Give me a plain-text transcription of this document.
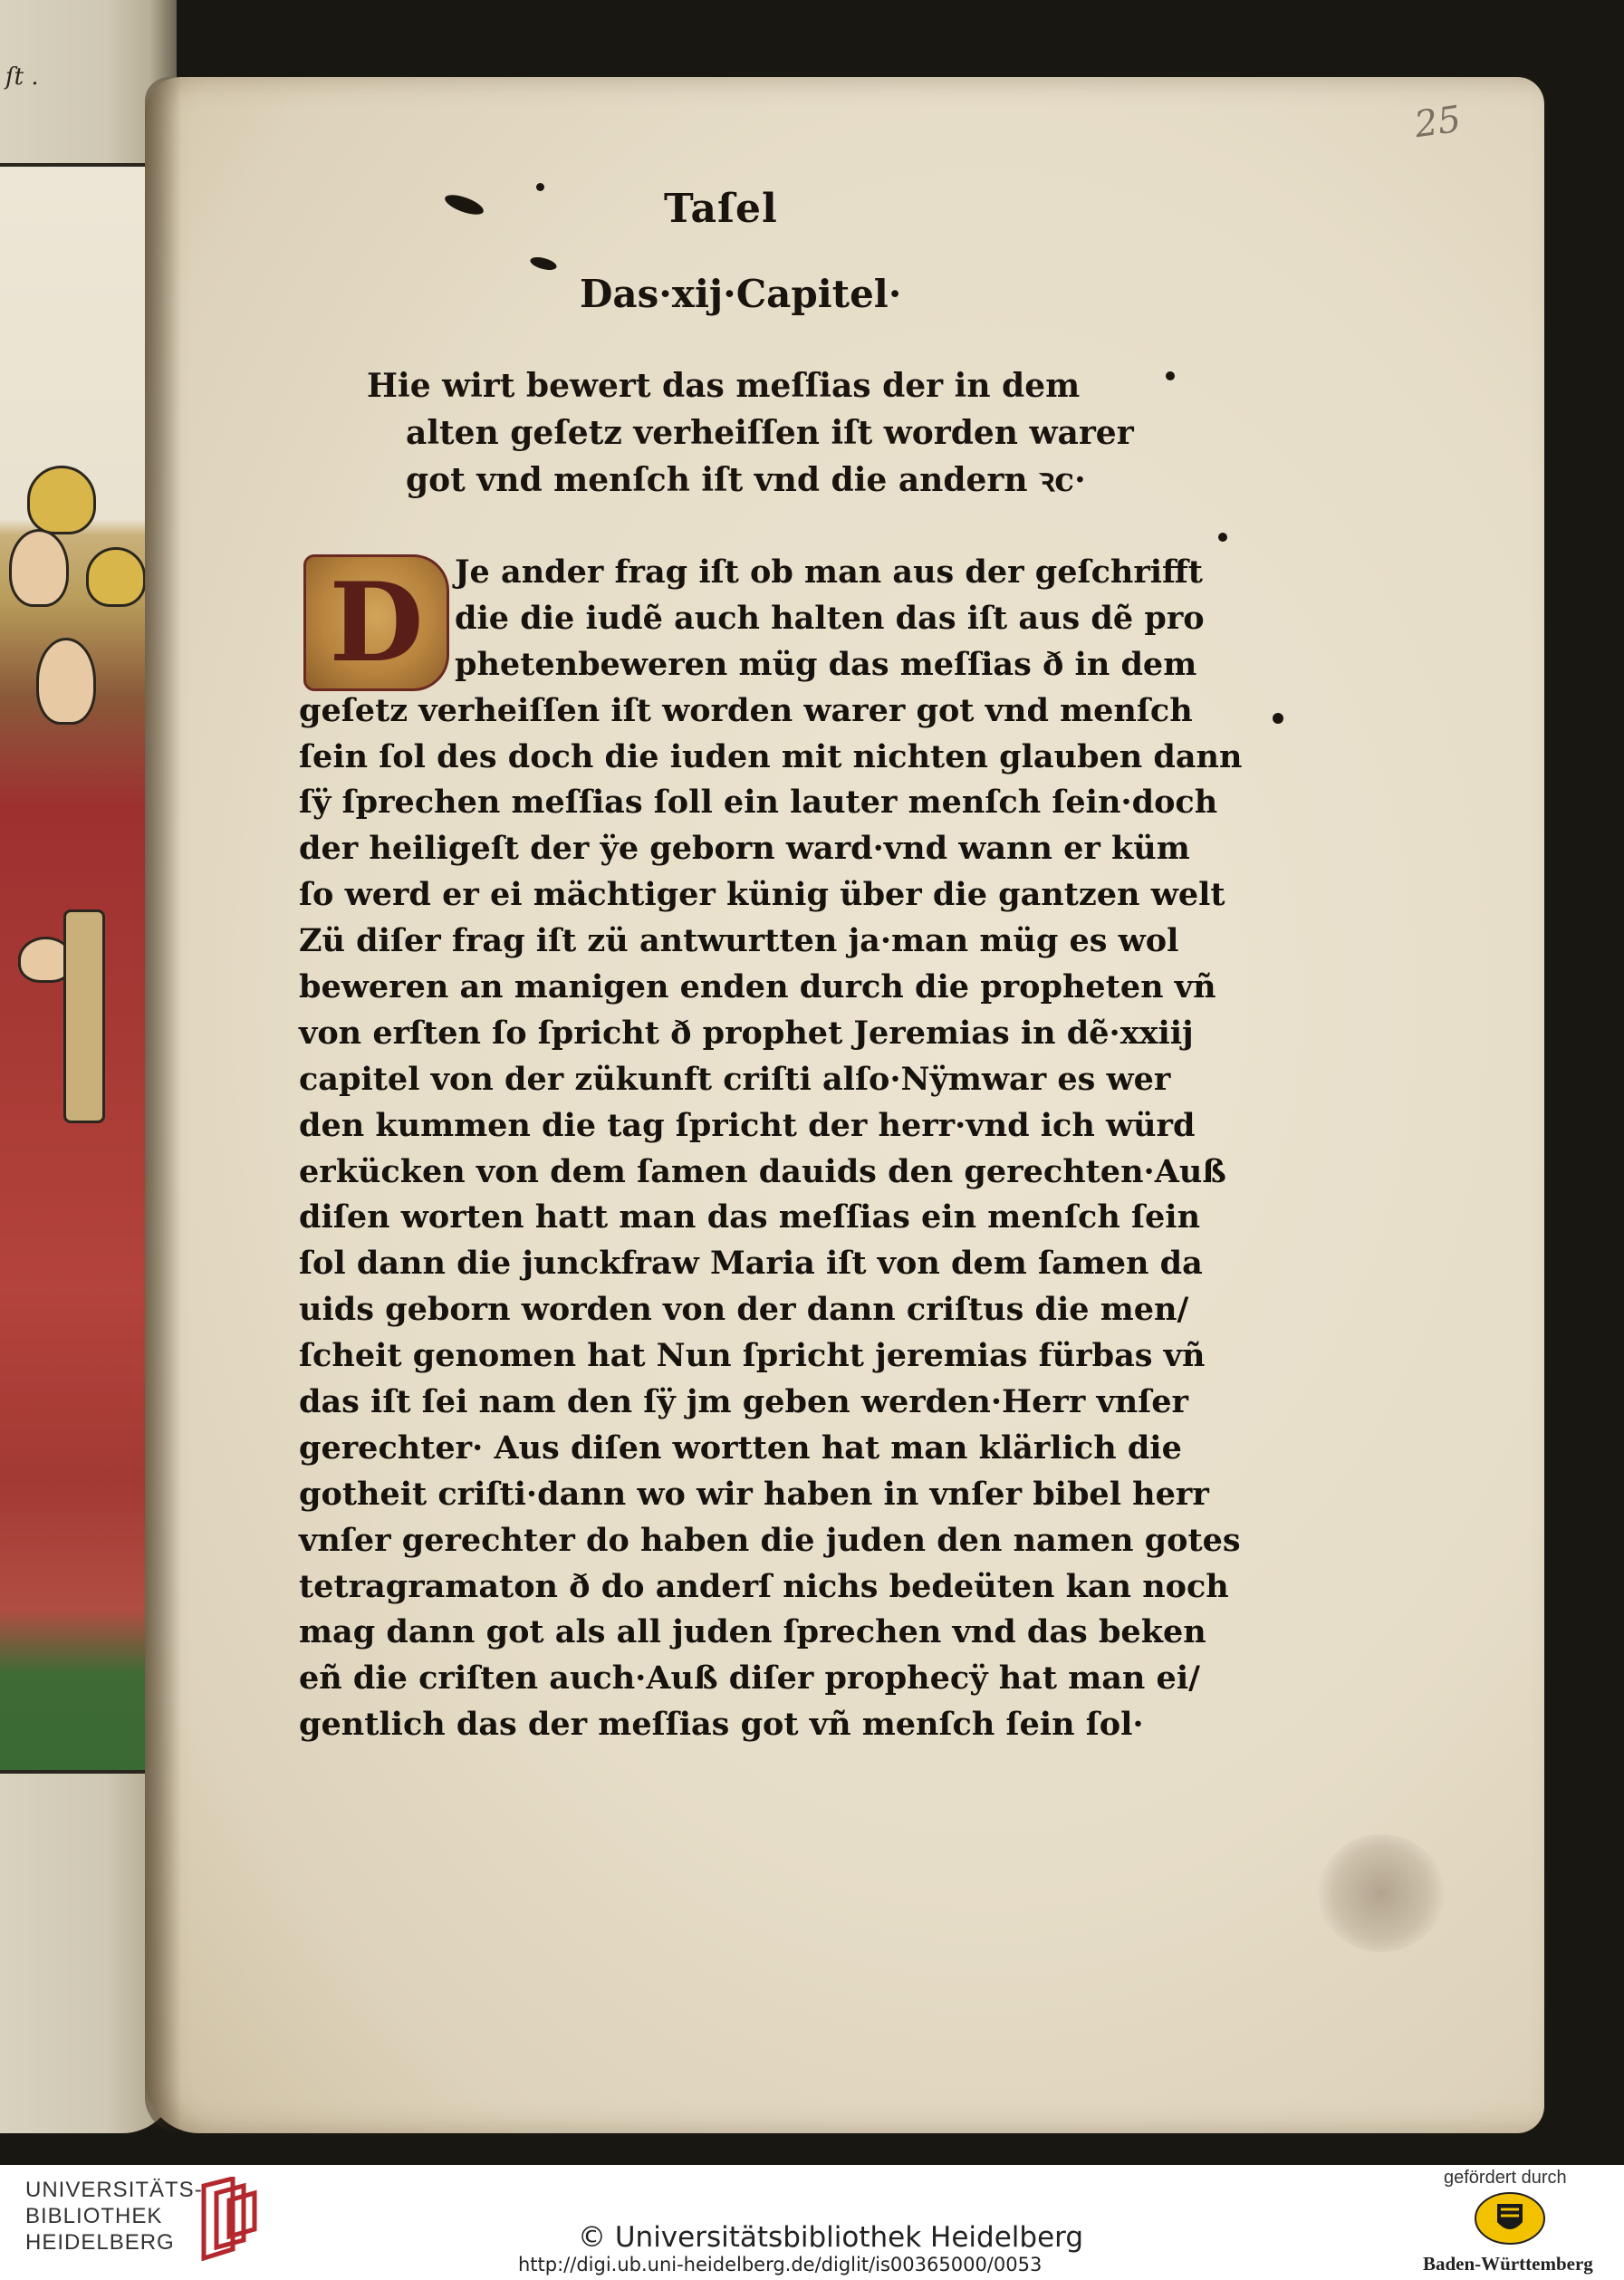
ſt .
25
Taſel
Das·xij·Capitel·
Hie wirt bewert das meſſias der in dem
alten geſetz verheiſſen iſt worden warer
got vnd menſch iſt vnd die andern ꝛc·
D Je ander frag iſt ob man aus der geſchrifft
die die iudẽ auch halten das iſt aus dẽ pro
phetenbeweren müg das meſſias ð in dem
geſetz verheiſſen iſt worden warer got vnd menſch
ſein ſol des doch die iuden mit nichten glauben dann
ſÿ ſprechen meſſias ſoll ein lauter menſch ſein·doch
der heiligeſt der ÿe geborn ward·vnd wann er küm
ſo werd er ei mächtiger künig über die gantzen welt
Zü diſer frag iſt zü antwurtten ja·man müg es wol
beweren an manigen enden durch die propheten vñ
von erſten ſo ſpricht ð prophet Jeremias in dẽ·xxiij
capitel von der zükunft criſti alſo·Nÿmwar es wer
den kummen die tag ſpricht der herr·vnd ich würd
erkücken von dem ſamen dauids den gerechten·Auß
diſen worten hatt man das meſſias ein menſch ſein
ſol dann die junckfraw Maria iſt von dem ſamen da
uids geborn worden von der dann criſtus die men/
ſcheit genomen hat Nun ſpricht jeremias fürbas vñ
das iſt ſei nam den ſÿ jm geben werden·Herr vnſer
gerechter· Aus diſen wortten hat man klärlich die
gotheit criſti·dann wo wir haben in vnſer bibel herr
vnſer gerechter do haben die juden den namen gotes
tetragramaton ð do anderſ nichs bedeüten kan noch
mag dann got als all juden ſprechen vnd das beken
eñ die criſten auch·Auß diſer prophecÿ hat man ei/
gentlich das der meſſias got vñ menſch ſein ſol·
UNIVERSITÄTS-
BIBLIOTHEK
HEIDELBERG	© Universitätsbibliothek Heidelberg
http://digi.ub.uni-heidelberg.de/diglit/is00365000/0053
gefördert durch
Baden-Württemberg
